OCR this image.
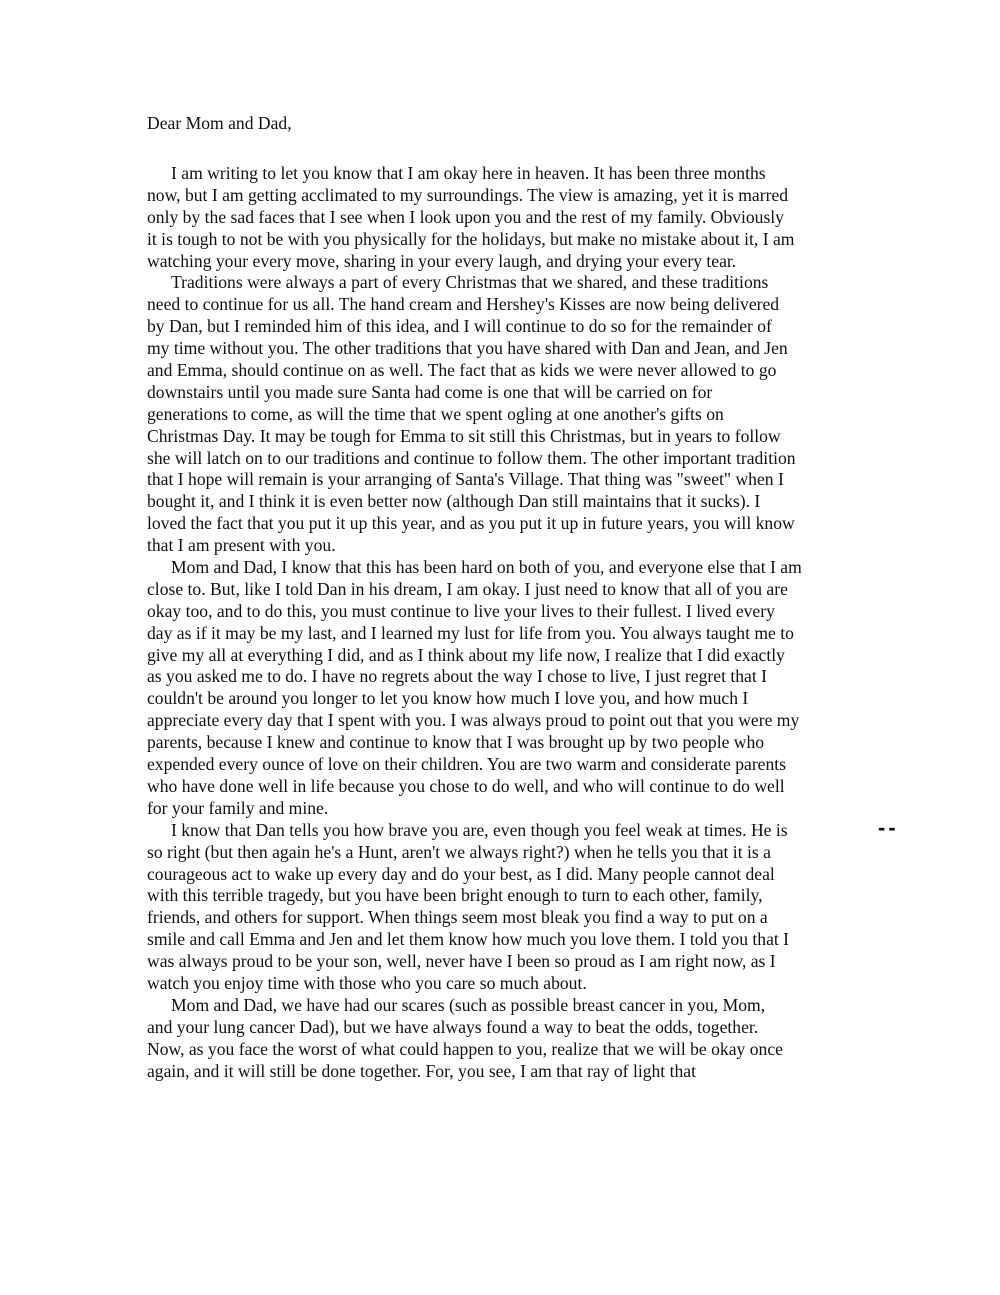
Dear Mom and Dad,

I am writing to let you know that I am okay here in heaven. It has been three months
now, but I am getting acclimated to my surroundings. The view is amazing, yet it is marred
only by the sad faces that I see when I look upon you and the rest of my family. Obviously
it is tough to not be with you physically for the holidays, but make no mistake about it, I am
watching your every move, sharing in your every laugh, and drying your every tear.
Traditions were always a part of every Christmas that we shared, and these traditions
need to continue for us all. The hand cream and Hershey's Kisses are now being delivered
by Dan, but I reminded him of this idea, and I will continue to do so for the remainder of
my time without you. The other traditions that you have shared with Dan and Jean, and Jen
and Emma, should continue on as well. The fact that as kids we were never allowed to go
downstairs until you made sure Santa had come is one that will be carried on for
generations to come, as will the time that we spent ogling at one another's gifts on
Christmas Day. It may be tough for Emma to sit still this Christmas, but in years to follow
she will latch on to our traditions and continue to follow them. The other important tradition
that I hope will remain is your arranging of Santa's Village. That thing was "sweet" when I
bought it, and I think it is even better now (although Dan still maintains that it sucks). I
loved the fact that you put it up this year, and as you put it up in future years, you will know
that I am present with you.
Mom and Dad, I know that this has been hard on both of you, and everyone else that I am
close to. But, like I told Dan in his dream, I am okay. I just need to know that all of you are
okay too, and to do this, you must continue to live your lives to their fullest. I lived every
day as if it may be my last, and I learned my lust for life from you. You always taught me to
give my all at everything I did, and as I think about my life now, I realize that I did exactly
as you asked me to do. I have no regrets about the way I chose to live, I just regret that I
couldn't be around you longer to let you know how much I love you, and how much I
appreciate every day that I spent with you. I was always proud to point out that you were my
parents, because I knew and continue to know that I was brought up by two people who
expended every ounce of love on their children. You are two warm and considerate parents
who have done well in life because you chose to do well, and who will continue to do well
for your family and mine.
I know that Dan tells you how brave you are, even though you feel weak at times. He is
so right (but then again he's a Hunt, aren't we always right?) when he tells you that it is a
courageous act to wake up every day and do your best, as I did. Many people cannot deal
with this terrible tragedy, but you have been bright enough to turn to each other, family,
friends, and others for support. When things seem most bleak you find a way to put on a
smile and call Emma and Jen and let them know how much you love them. I told you that I
was always proud to be your son, well, never have I been so proud as I am right now, as I
watch you enjoy time with those who you care so much about.
Mom and Dad, we have had our scares (such as possible breast cancer in you, Mom,
and your lung cancer Dad), but we have always found a way to beat the odds, together.
Now, as you face the worst of what could happen to you, realize that we will be okay once
again, and it will still be done together. For, you see, I am that ray of light that
--
